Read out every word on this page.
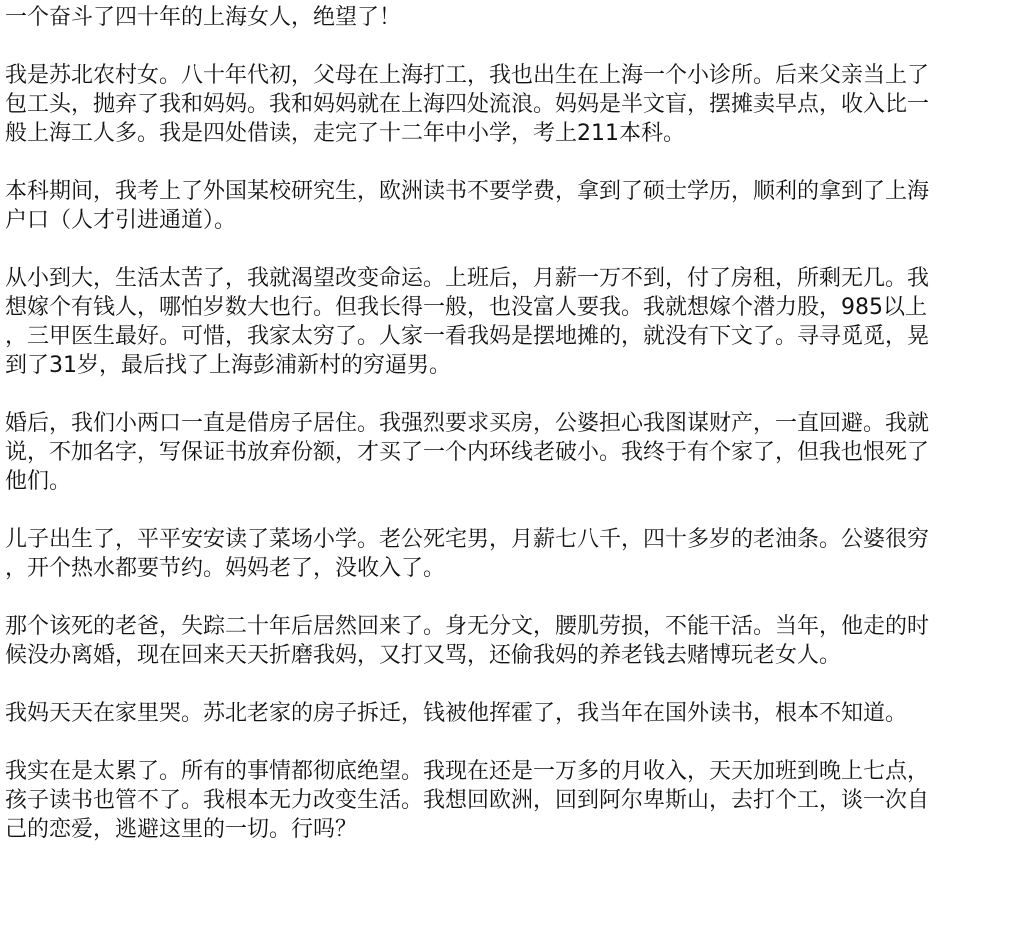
一个奋斗了四十年的上海女人，绝望了！
我是苏北农村女。八十年代初，父母在上海打工，我也出生在上海一个小诊所。后来父亲当上了
包工头，抛弃了我和妈妈。我和妈妈就在上海四处流浪。妈妈是半文盲，摆摊卖早点，收入比一
般上海工人多。我是四处借读，走完了十二年中小学，考上211本科。
本科期间，我考上了外国某校研究生，欧洲读书不要学费，拿到了硕士学历，顺利的拿到了上海
户口（人才引进通道）。
从小到大，生活太苦了，我就渴望改变命运。上班后，月薪一万不到，付了房租，所剩无几。我
想嫁个有钱人，哪怕岁数大也行。但我长得一般，也没富人要我。我就想嫁个潜力股，985以上
，三甲医生最好。可惜，我家太穷了。人家一看我妈是摆地摊的，就没有下文了。寻寻觅觅，晃
到了31岁，最后找了上海彭浦新村的穷逼男。
婚后，我们小两口一直是借房子居住。我强烈要求买房，公婆担心我图谋财产，一直回避。我就
说，不加名字，写保证书放弃份额，才买了一个内环线老破小。我终于有个家了，但我也恨死了
他们。
儿子出生了，平平安安读了菜场小学。老公死宅男，月薪七八千，四十多岁的老油条。公婆很穷
，开个热水都要节约。妈妈老了，没收入了。
那个该死的老爸，失踪二十年后居然回来了。身无分文，腰肌劳损，不能干活。当年，他走的时
候没办离婚，现在回来天天折磨我妈，又打又骂，还偷我妈的养老钱去赌博玩老女人。
我妈天天在家里哭。苏北老家的房子拆迁，钱被他挥霍了，我当年在国外读书，根本不知道。
我实在是太累了。所有的事情都彻底绝望。我现在还是一万多的月收入，天天加班到晚上七点，
孩子读书也管不了。我根本无力改变生活。我想回欧洲，回到阿尔卑斯山，去打个工，谈一次自
己的恋爱，逃避这里的一切。行吗？
